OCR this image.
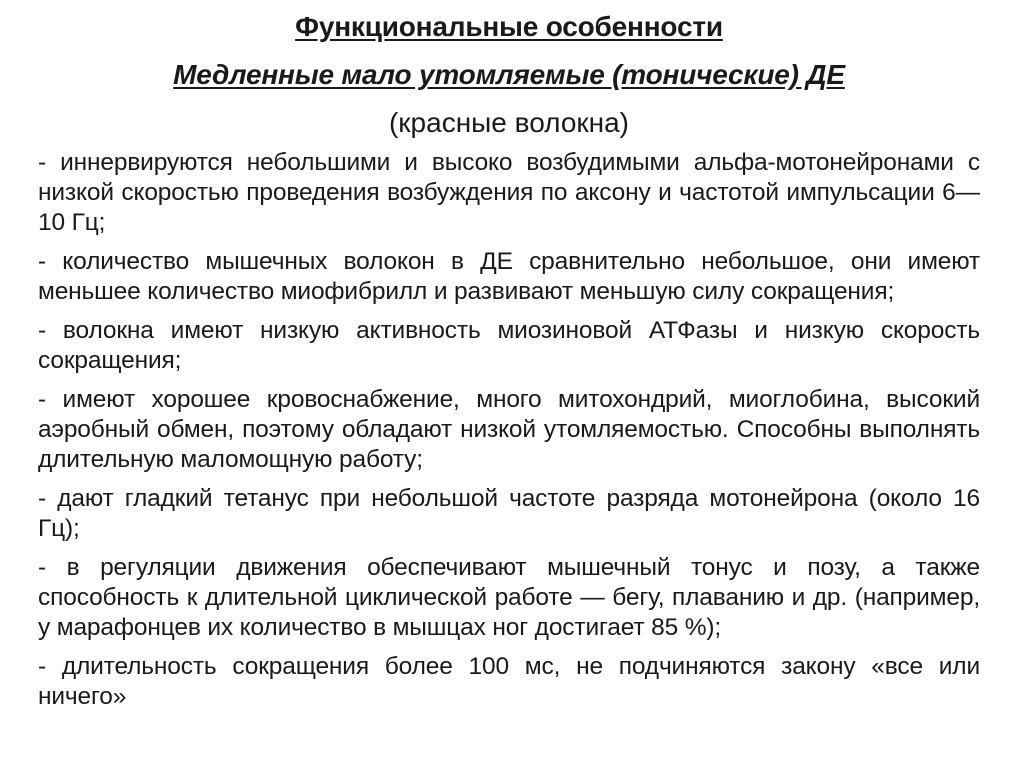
Функциональные особенности
Медленные мало утомляемые (тонические) ДЕ
(красные волокна)
- иннервируются небольшими и высоко возбудимыми альфа-мотонейронами с низкой скоростью проведения возбуждения по аксону и частотой импульсации 6—10 Гц;
- количество мышечных волокон в ДЕ сравнительно небольшое, они имеют меньшее количество миофибрилл и развивают меньшую силу сокращения;
- волокна имеют низкую активность миозиновой АТФазы и низкую скорость сокращения;
- имеют хорошее кровоснабжение, много митохондрий, миоглобина, высокий аэробный обмен, поэтому обладают низкой утомляемостью. Способны выполнять длительную маломощную работу;
- дают гладкий тетанус при небольшой частоте разряда мотонейрона (около 16 Гц);
- в регуляции движения обеспечивают мышечный тонус и позу, а также способность к длительной циклической работе — бегу, плаванию и др. (например, у марафонцев их количество в мышцах ног достигает 85 %);
- длительность сокращения более 100 мс, не подчиняются закону «все или ничего»
